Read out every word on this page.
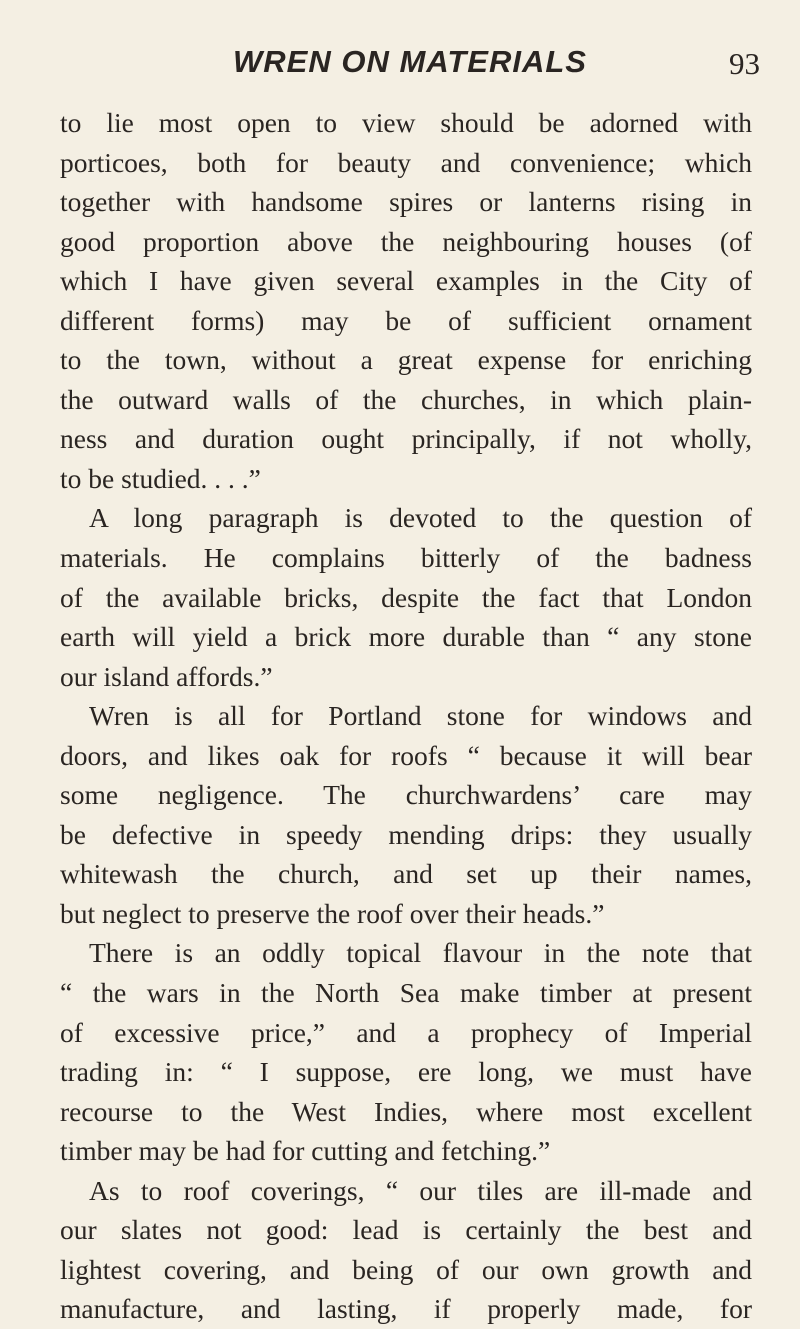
WREN ON MATERIALS	93
to lie most open to view should be adorned with
porticoes, both for beauty and convenience; which
together with handsome spires or lanterns rising in
good proportion above the neighbouring houses (of
which I have given several examples in the City of
different forms) may be of sufficient ornament
to the town, without a great expense for enriching
the outward walls of the churches, in which plain-
ness and duration ought principally, if not wholly,
to be studied. . . .”
A long paragraph is devoted to the question of
materials. He complains bitterly of the badness
of the available bricks, despite the fact that London
earth will yield a brick more durable than “ any stone
our island affords.”
Wren is all for Portland stone for windows and
doors, and likes oak for roofs “ because it will bear
some negligence. The churchwardens’ care may
be defective in speedy mending drips: they usually
whitewash the church, and set up their names,
but neglect to preserve the roof over their heads.”
There is an oddly topical flavour in the note that
“ the wars in the North Sea make timber at present
of excessive price,” and a prophecy of Imperial
trading in: “ I suppose, ere long, we must have
recourse to the West Indies, where most excellent
timber may be had for cutting and fetching.”
As to roof coverings, “ our tiles are ill-made and
our slates not good: lead is certainly the best and
lightest covering, and being of our own growth and
manufacture, and lasting, if properly made, for
